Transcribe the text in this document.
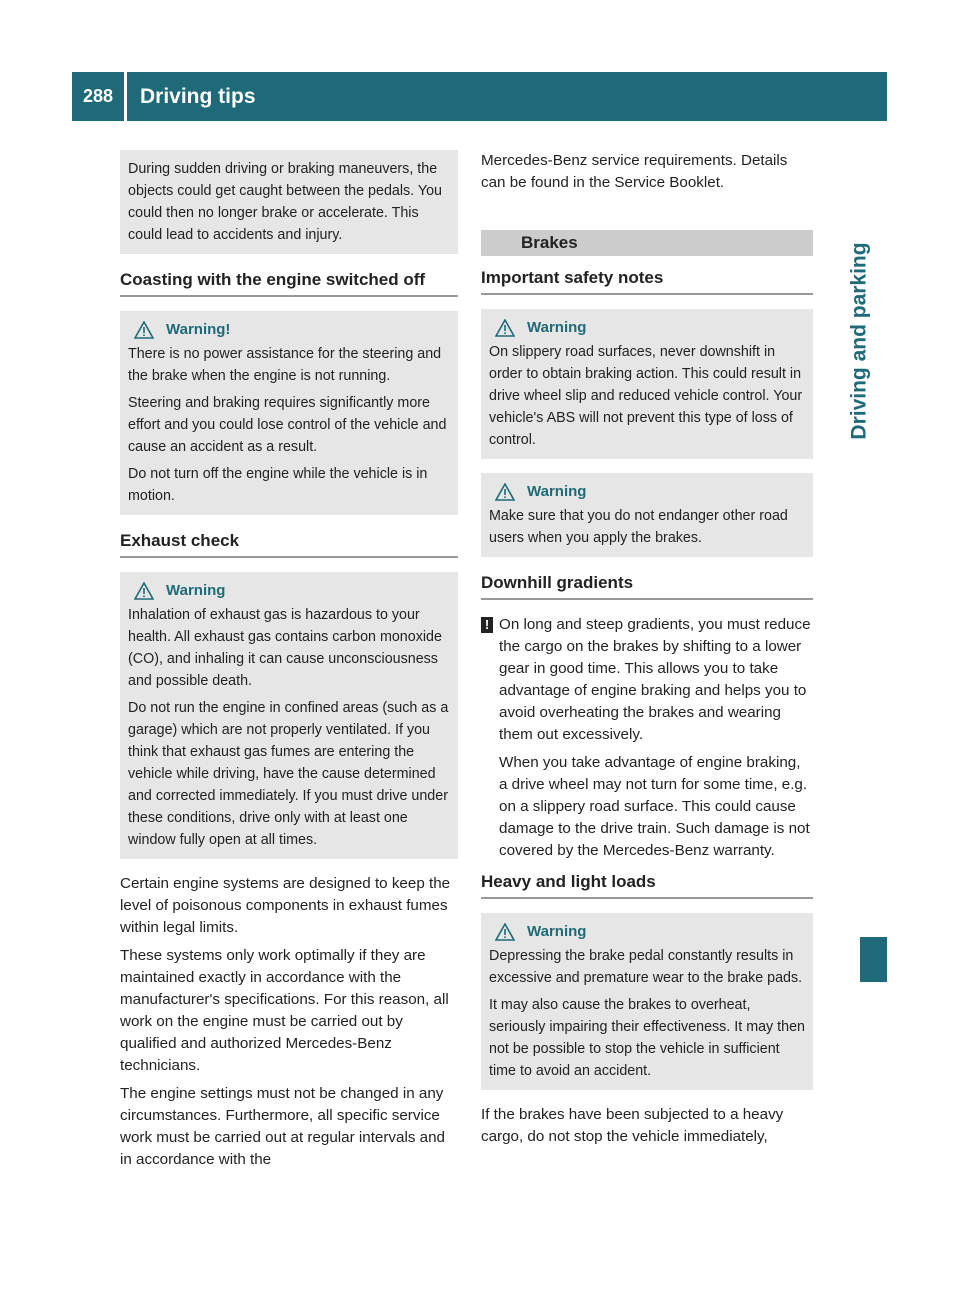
288	Driving tips
Driving and parking

During sudden driving or braking maneuvers, the objects could get caught between the pedals. You could then no longer brake or accelerate. This could lead to accidents and injury.

Coasting with the engine switched off
Warning!

There is no power assistance for the steering and the brake when the engine is not running.

Steering and braking requires significantly more effort and you could lose control of the vehicle and cause an accident as a result.

Do not turn off the engine while the vehicle is in motion.

Exhaust check
Warning

Inhalation of exhaust gas is hazardous to your health. All exhaust gas contains carbon monoxide (CO), and inhaling it can cause unconsciousness and possible death.

Do not run the engine in confined areas (such as a garage) which are not properly ventilated. If you think that exhaust gas fumes are entering the vehicle while driving, have the cause determined and corrected immediately. If you must drive under these conditions, drive only with at least one window fully open at all times.

Certain engine systems are designed to keep the level of poisonous components in exhaust fumes within legal limits.

These systems only work optimally if they are maintained exactly in accordance with the manufacturer's specifications. For this reason, all work on the engine must be carried out by qualified and authorized Mercedes-Benz technicians.

The engine settings must not be changed in any circumstances. Furthermore, all specific service work must be carried out at regular intervals and in accordance with the

Mercedes-Benz service requirements. Details can be found in the Service Booklet.

Brakes
Important safety notes
Warning

On slippery road surfaces, never downshift in order to obtain braking action. This could result in drive wheel slip and reduced vehicle control. Your vehicle's ABS will not prevent this type of loss of control.

Warning

Make sure that you do not endanger other road users when you apply the brakes.

Downhill gradients
! On long and steep gradients, you must reduce the cargo on the brakes by shifting to a lower gear in good time. This allows you to take advantage of engine braking and helps you to avoid overheating the brakes and wearing them out excessively.

When you take advantage of engine braking, a drive wheel may not turn for some time, e.g. on a slippery road surface. This could cause damage to the drive train. Such damage is not covered by the Mercedes-Benz warranty.

Heavy and light loads
Warning

Depressing the brake pedal constantly results in excessive and premature wear to the brake pads.

It may also cause the brakes to overheat, seriously impairing their effectiveness. It may then not be possible to stop the vehicle in sufficient time to avoid an accident.

If the brakes have been subjected to a heavy cargo, do not stop the vehicle immediately,
